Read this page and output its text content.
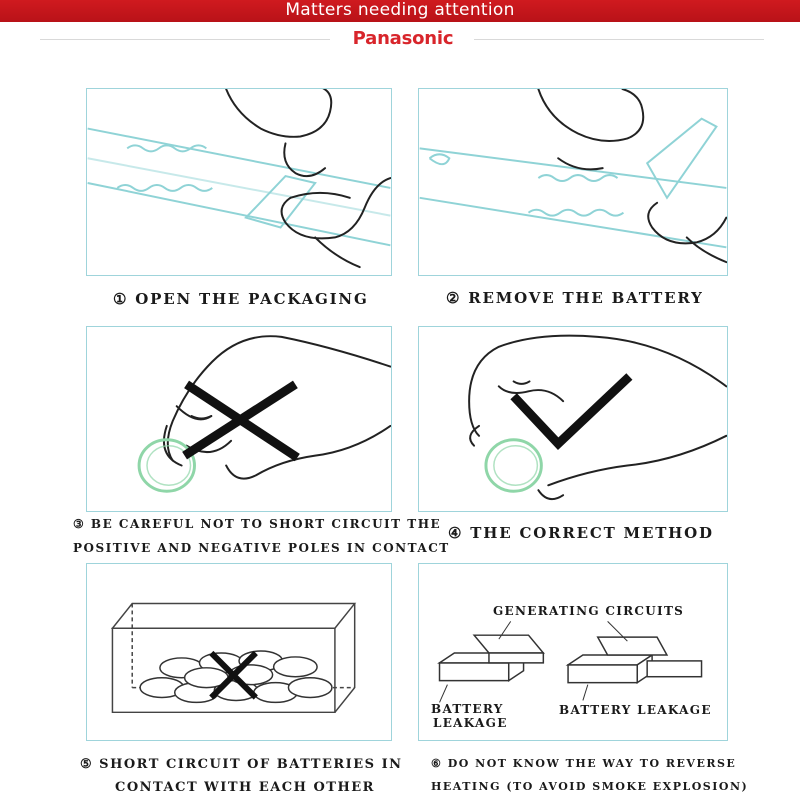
Matters needing attention
Panasonic
① OPEN THE PACKAGING	② REMOVE THE BATTERY
③ BE CAREFUL NOT TO SHORT CIRCUIT THE
POSITIVE AND NEGATIVE POLES IN CONTACT
④ THE CORRECT METHOD
GENERATING CIRCUITS
BATTERY
LEAKAGE
BATTERY LEAKAGE
⑤ SHORT CIRCUIT OF BATTERIES IN
CONTACT WITH EACH OTHER
⑥ DO NOT KNOW THE WAY TO REVERSE
HEATING (TO AVOID SMOKE EXPLOSION)
